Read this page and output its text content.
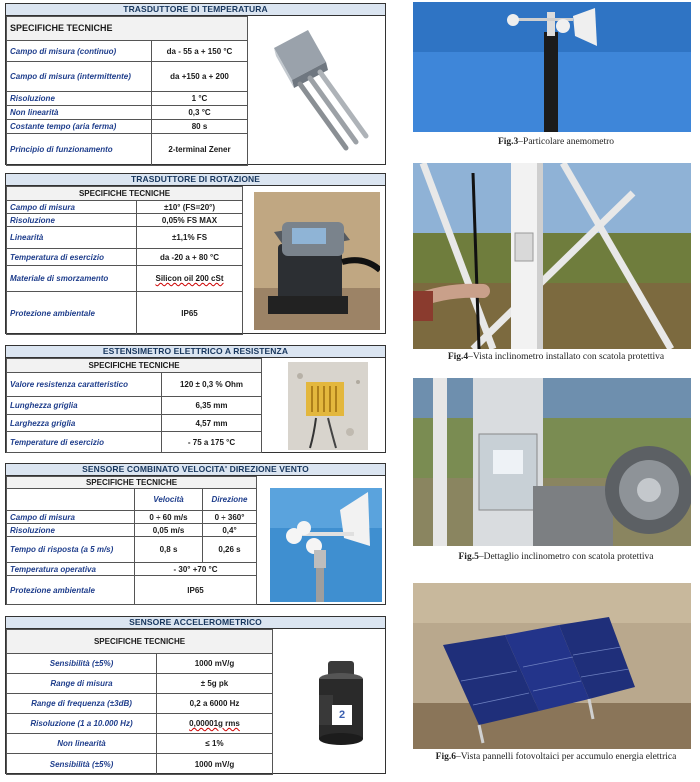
TRASDUTTORE DI TEMPERATURA
SPECIFICHE TECNICHE	
Campo di misura (continuo)	da - 55 a + 150 °C
Campo di misura (intermittente)	da +150 a + 200
Risoluzione	1 °C
Non linearità	0,3 °C
Costante tempo (aria ferma)	80 s
Principio di funzionamento	2-terminal Zener
TRASDUTTORE DI ROTAZIONE
SPECIFICHE TECNICHE	
Campo di misura	±10° (FS=20°)
Risoluzione	0,05% FS MAX
Linearità	±1,1% FS
Temperatura di esercizio	da -20 a + 80 °C
Materiale di smorzamento	Silicon oil 200 cSt
Protezione ambientale	IP65
ESTENSIMETRO ELETTRICO A RESISTENZA
SPECIFICHE TECNICHE	
Valore resistenza caratteristico	120 ± 0,3 % Ohm
Lunghezza griglia	6,35 mm
Larghezza griglia	4,57 mm
Temperature di esercizio	- 75 a 175 °C
SENSORE COMBINATO VELOCITA' DIREZIONE VENTO
SPECIFICHE TECNICHE		
	Velocità	Direzione
Campo di misura	0 ÷ 60 m/s	0 ÷ 360°
Risoluzione	0,05 m/s	0,4°
Tempo di risposta (a 5 m/s)	0,8 s	0,26 s
Temperatura operativa	- 30° +70 °C	
Protezione ambientale	IP65	
SENSORE ACCELEROMETRICO
SPECIFICHE TECNICHE	
Sensibilità (±5%)	1000 mV/g
Range di misura	± 5g pk
Range di frequenza (±3dB)	0,2 a 6000 Hz
Risoluzione (1 a 10.000 Hz)	0,00001g rms
Non linearità	≤ 1%
Sensibilità (±5%)	1000 mV/g
2
Fig.3–Particolare anemometro
Fig.4–Vista inclinometro installato con scatola protettiva
Fig.5–Dettaglio inclinometro con scatola protettiva
Fig.6–Vista pannelli fotovoltaici per accumulo energia elettrica
